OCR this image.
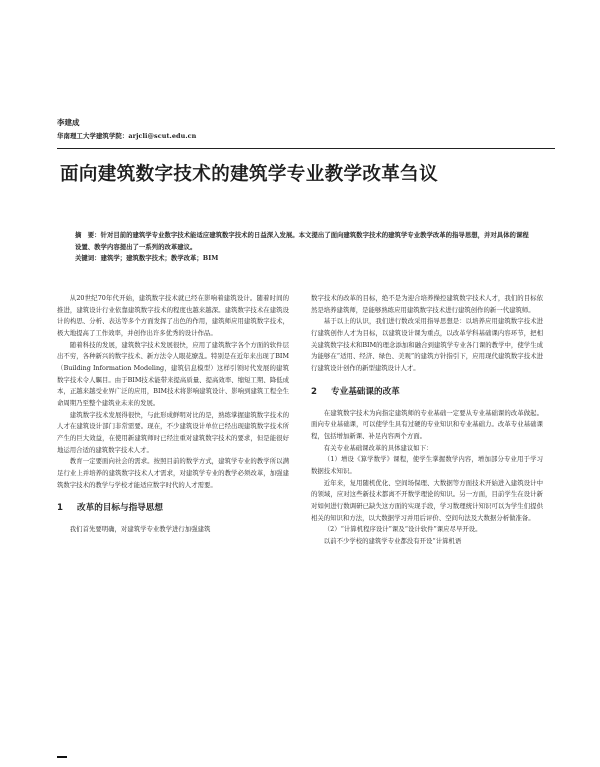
李建成
华南理工大学建筑学院：arjcli@scut.edu.cn
面向建筑数字技术的建筑学专业教学改革刍议

摘　要：针对目前的建筑学专业数字技术能适应建筑数字技术的日益深入发展。本文提出了面向建筑数字技术的建筑学专业教学改革的指导思想，并对具体的课程设置、教学内容提出了一系列的改革建议。

关键词：建筑学；建筑数字技术；教学改革；BIM

从20世纪70年代开始，建筑数字技术就已经在影响着建筑设计。随着时间的推进，建筑设计行业依靠建筑数字技术的程度也越来越深。建筑数字技术在建筑设计的构思、分析、表达等多个方面发挥了出色的作用，建筑师应用建筑数字技术，极大地提高了工作效率，并创作出许多优秀的设计作品。

随着科技的发展，建筑数字技术发展很快，应用了建筑数字各个方面的软件层出不穷，各种新兴的数字技术、新方法令人眼花缭乱。特别是在近年来出现了BIM（Building Information Modeling，建筑信息模型）这样引领时代发展的建筑数字技术令人瞩目。由于BIM技术能带来提高质量、提高效率、缩短工期、降低成本，正越来越受业界广泛的应用，BIM技术将影响建筑设计、影响到建筑工程全生命周期乃至整个建筑业未来的发展。

建筑数字技术发展得很快，与此形成鲜明对比的是，熟练掌握建筑数字技术的人才在建筑设计部门非常需要。现在，不少建筑设计单位已经出现建筑数字技术所产生的巨大效益，在使用新建筑师时已经注重对建筑数字技术的要求，但是能很好地运用合适的建筑数字技术人才。

教育一定要面向社会的需求。按照目前的数学方式，建筑学专业的教学所以满足行业上并培养的建筑数字技术人才需求，对建筑学专业的教学必须改革，加强建筑数字技术的教学与学校才能适应数字时代的人才需要。

1 改革的目标与指导思想

我们首先要明确，对建筑学专业教学进行加强建筑

数字技术的改革的目标，绝不是为迎合培养操控建筑数字技术人才，我们的目标依然是培养建筑师，是能够熟练应用建筑数字技术进行建筑创作的新一代建筑师。

基于以上的认识，我们进行数改采用指导思想是：以培养应用建筑数字技术进行建筑创作人才为目标，以建筑设计课为重点，以改革学科基础课内容环节，把相关建筑数字技术和BIM的理念添加和融合到建筑学专业各门课的教学中，使学生成为能够在“适用、经济、绿色、美观”的建筑方针指引下，应用现代建筑数字技术进行建筑设计创作的新型建筑设计人才。

2 专业基础课的改革

在建筑数字技术为向指定建筑师的专业基础一定要从专业基础课的改革做起。面向专业基础课，可以使学生具有过硬的专业知识和专业基础力。改革专业基础课程，包括增加新课、补足内容两个方面。

有关专业基础课改革的具体建议如下：

（1）增设《算学数学》课程，使学生掌握数学内容，增加部分专业用于学习数据技术知识。

近年来，复用随机优化、空间场保理、大数据等方面技术开始进入建筑设计中的领域，应对这些新技术都离不开数学理论的知识。另一方面，目前学生在设计新对如何进行数调研已缺失这方面的实现手段，学习数理统计知识可以为学生们提供相关的知识和方法，以大数据学习并用后评价、空间句法及大数据分析做准备。

（2）“计算机程序设计”课及“设计软件”课应尽早开设。

以前不少学校的建筑学专业都没有开设“计算机语
